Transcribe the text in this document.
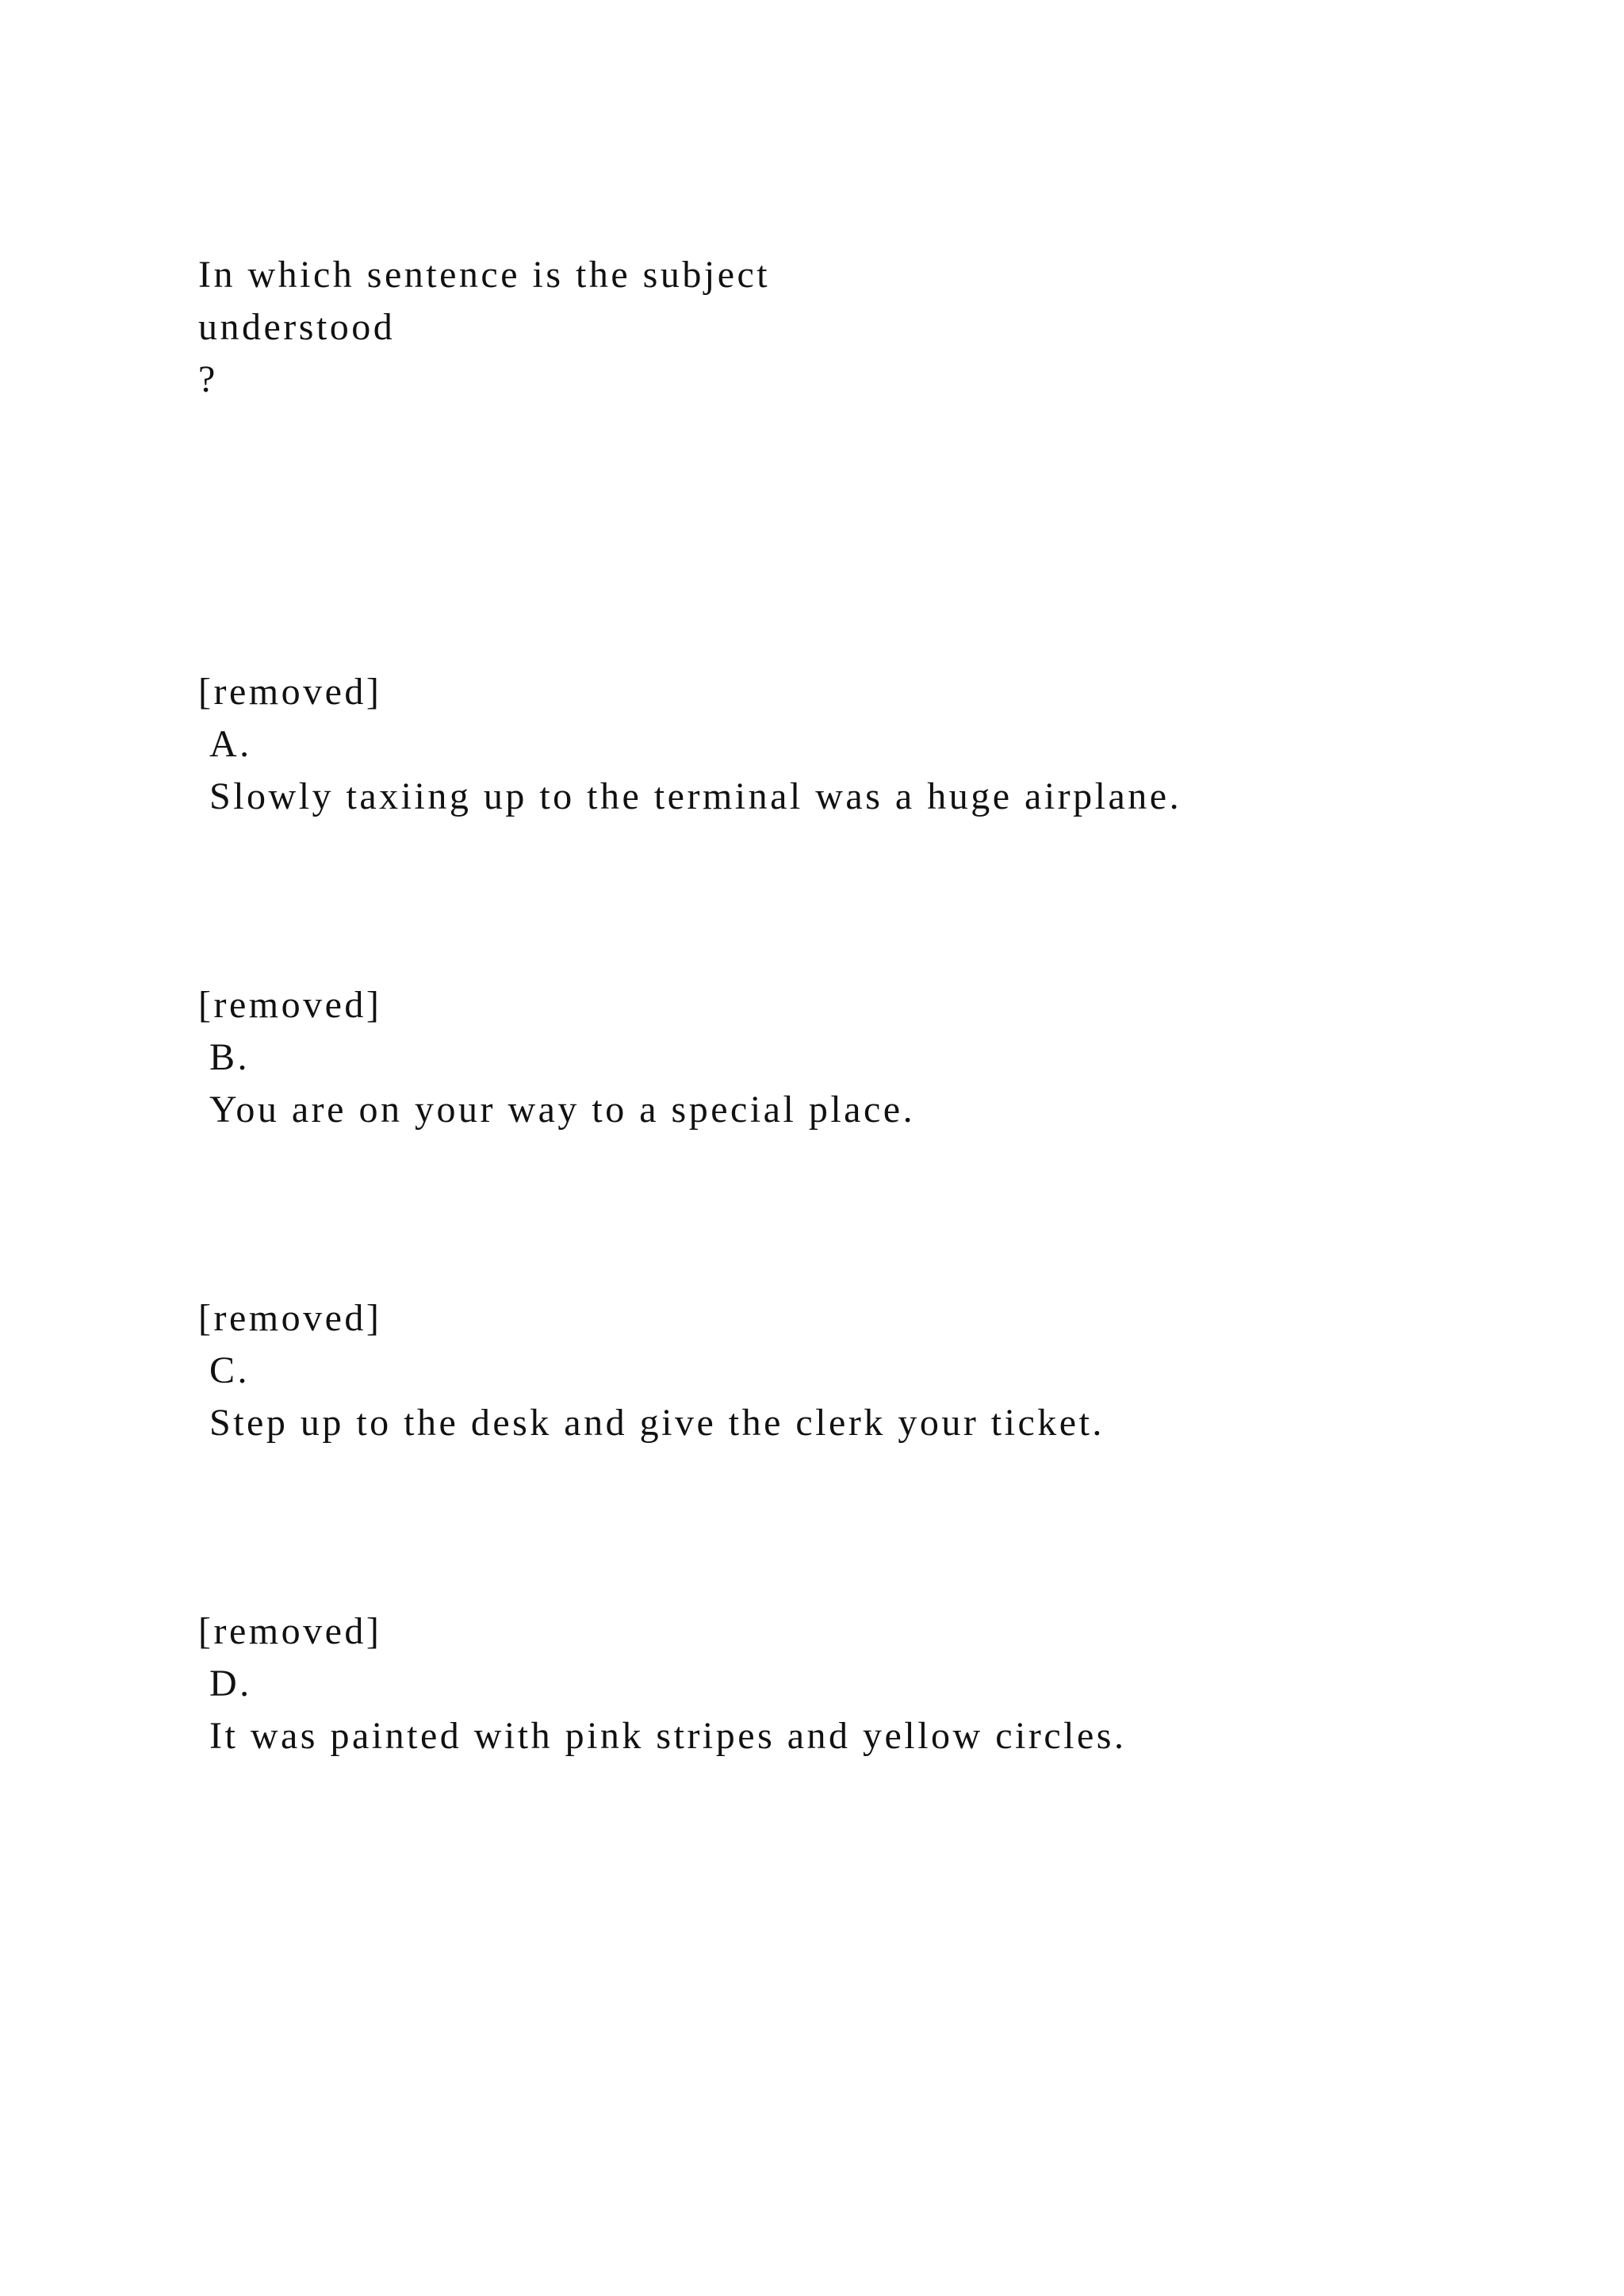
In which sentence is the subject
understood
?
[removed]
A.
Slowly taxiing up to the terminal was a huge airplane.
[removed]
B.
You are on your way to a special place.
[removed]
C.
Step up to the desk and give the clerk your ticket.
[removed]
D.
It was painted with pink stripes and yellow circles.
